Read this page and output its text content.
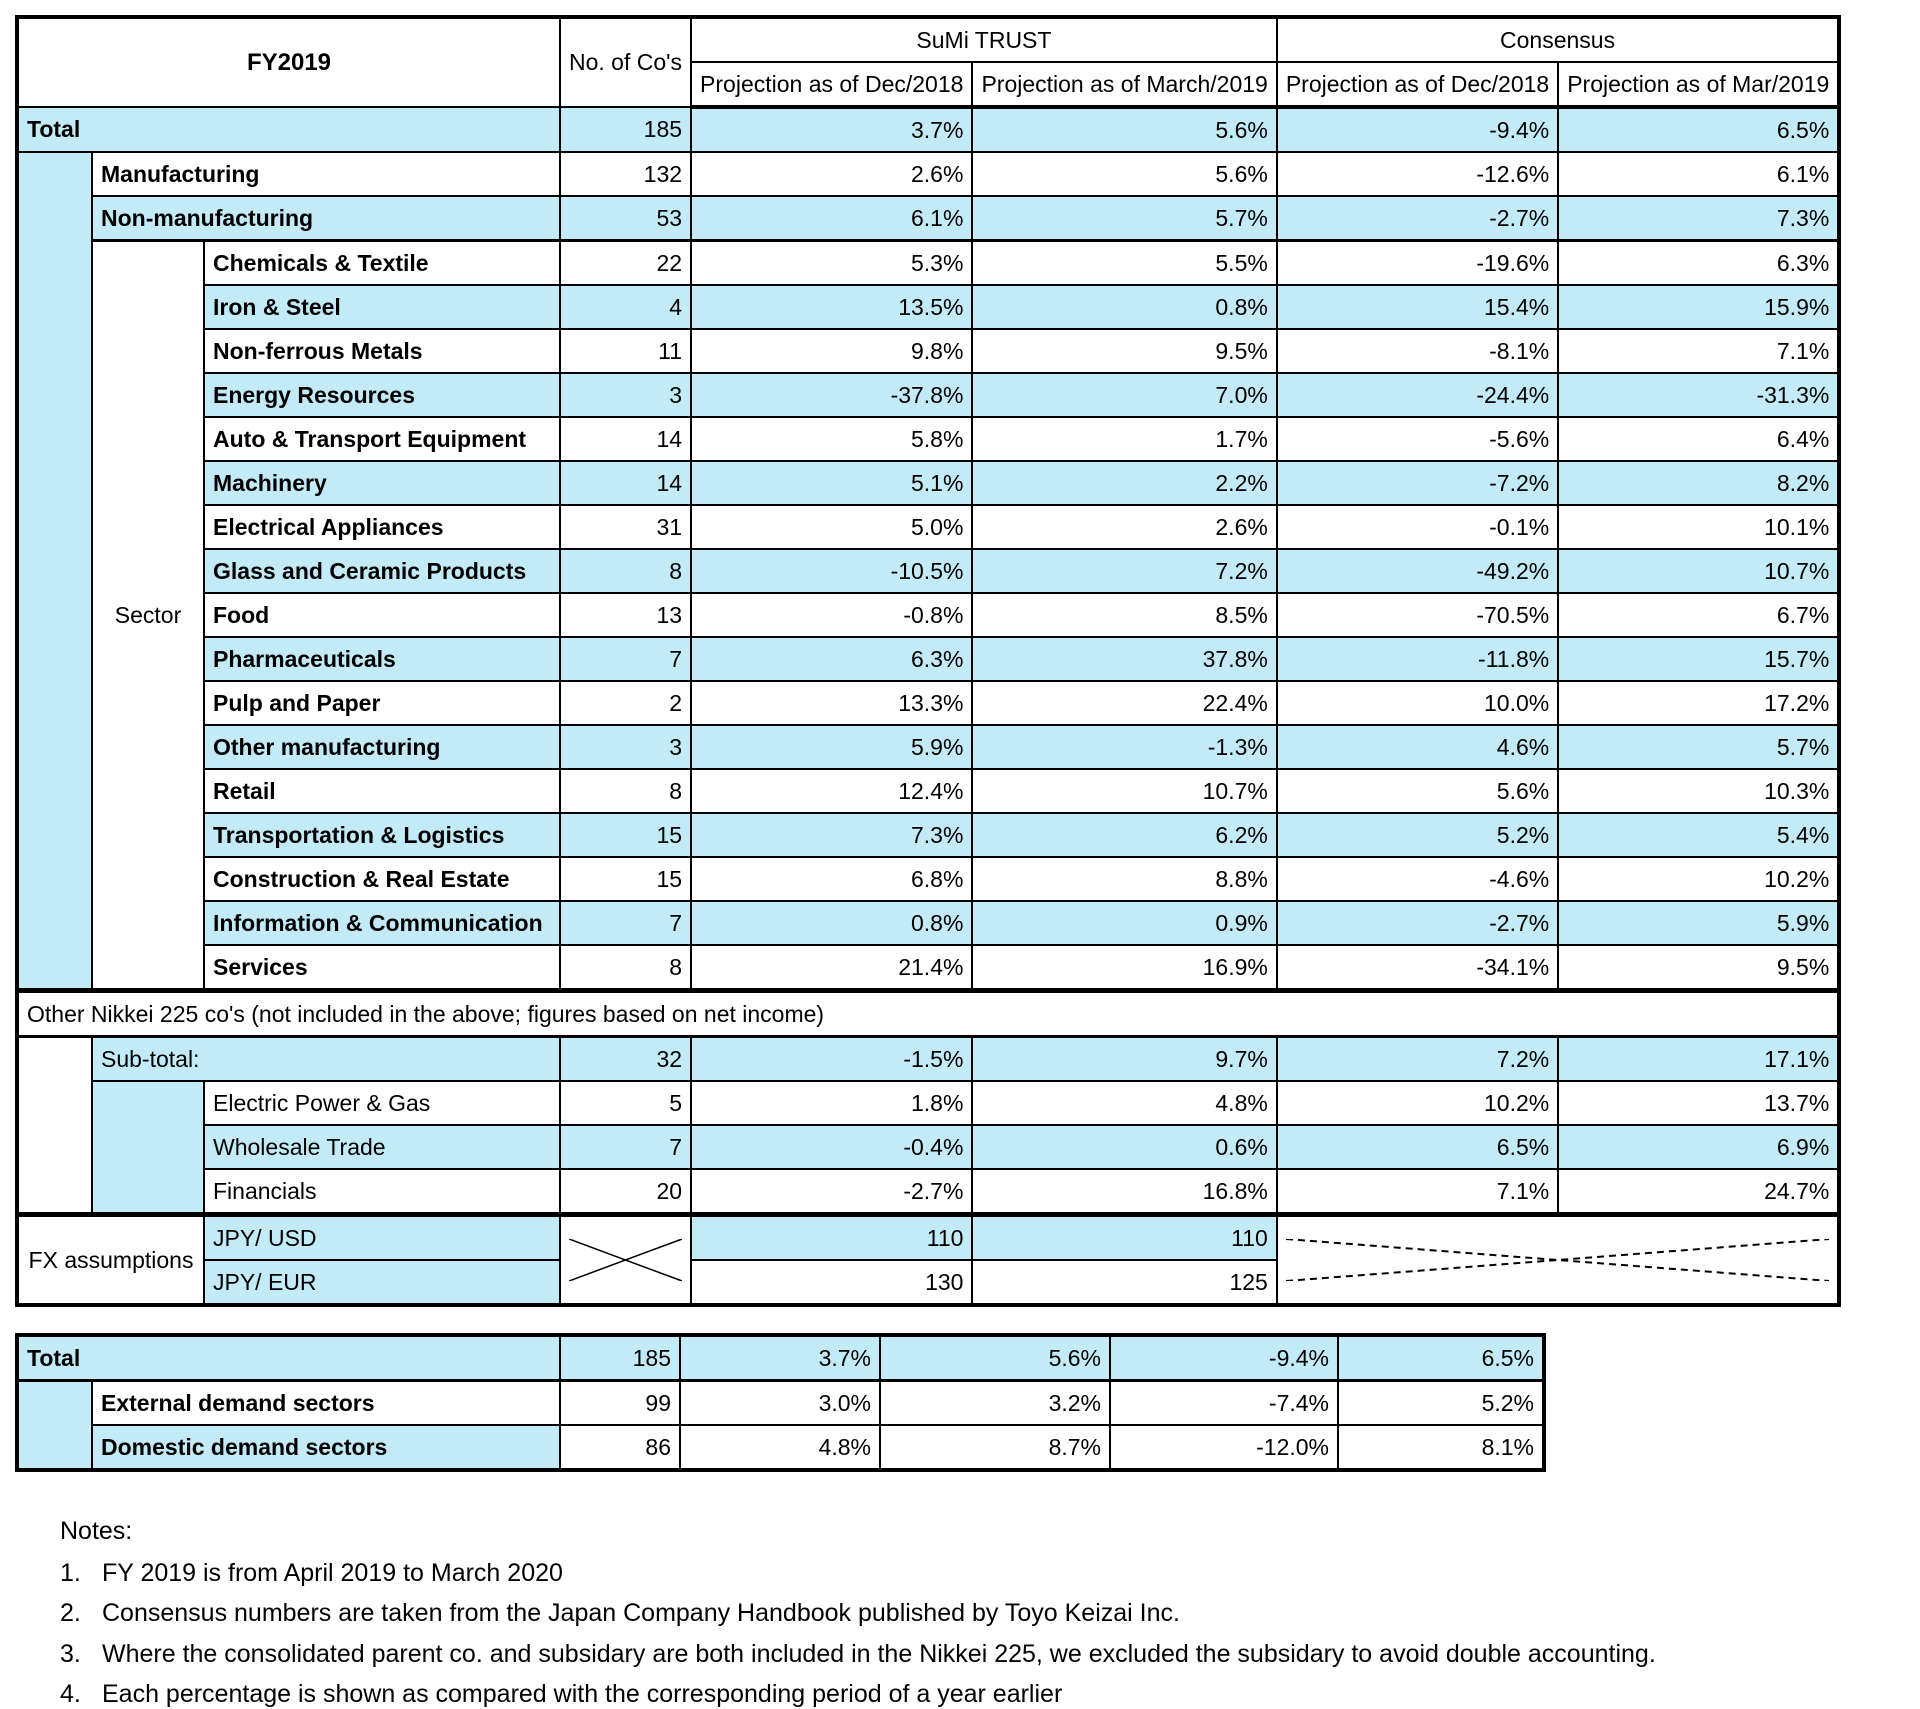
FY2019			No. of Co's	SuMi TRUST		Consensus	
				Projection as of Dec/2018	Projection as of March/2019	Projection as of Dec/2018	Projection as of Mar/2019
Total			185	3.7%	5.6%	-9.4%	6.5%
	Manufacturing		132	2.6%	5.6%	-12.6%	6.1%
	Non-manufacturing		53	6.1%	5.7%	-2.7%	7.3%
	Sector	Chemicals & Textile	22	5.3%	5.5%	-19.6%	6.3%
		Iron & Steel	4	13.5%	0.8%	15.4%	15.9%
		Non-ferrous Metals	11	9.8%	9.5%	-8.1%	7.1%
		Energy Resources	3	-37.8%	7.0%	-24.4%	-31.3%
		Auto & Transport Equipment	14	5.8%	1.7%	-5.6%	6.4%
		Machinery	14	5.1%	2.2%	-7.2%	8.2%
		Electrical Appliances	31	5.0%	2.6%	-0.1%	10.1%
		Glass and Ceramic Products	8	-10.5%	7.2%	-49.2%	10.7%
		Food	13	-0.8%	8.5%	-70.5%	6.7%
		Pharmaceuticals	7	6.3%	37.8%	-11.8%	15.7%
		Pulp and Paper	2	13.3%	22.4%	10.0%	17.2%
		Other manufacturing	3	5.9%	-1.3%	4.6%	5.7%
		Retail	8	12.4%	10.7%	5.6%	10.3%
		Transportation & Logistics	15	7.3%	6.2%	5.2%	5.4%
		Construction & Real Estate	15	6.8%	8.8%	-4.6%	10.2%
		Information & Communication	7	0.8%	0.9%	-2.7%	5.9%
		Services	8	21.4%	16.9%	-34.1%	9.5%
Other Nikkei 225 co's (not included in the above; figures based on net income)							
	Sub-total:		32	-1.5%	9.7%	7.2%	17.1%
		Electric Power & Gas	5	1.8%	4.8%	10.2%	13.7%
		Wholesale Trade	7	-0.4%	0.6%	6.5%	6.9%
		Financials	20	-2.7%	16.8%	7.1%	24.7%
FX assumptions		JPY/ USD		110	110	

		JPY/ EUR		130	125		
Total		185	3.7%	5.6%	-9.4%	6.5%
	External demand sectors	99	3.0%	3.2%	-7.4%	5.2%
	Domestic demand sectors	86	4.8%	8.7%	-12.0%	8.1%
Notes:
1. FY 2019 is from April 2019 to March 2020
2. Consensus numbers are taken from the Japan Company Handbook published by Toyo Keizai Inc.
3. Where the consolidated parent co. and subsidary are both included in the Nikkei 225, we excluded the subsidary to avoid double accounting.
4. Each percentage is shown as compared with the corresponding period of a year earlier
